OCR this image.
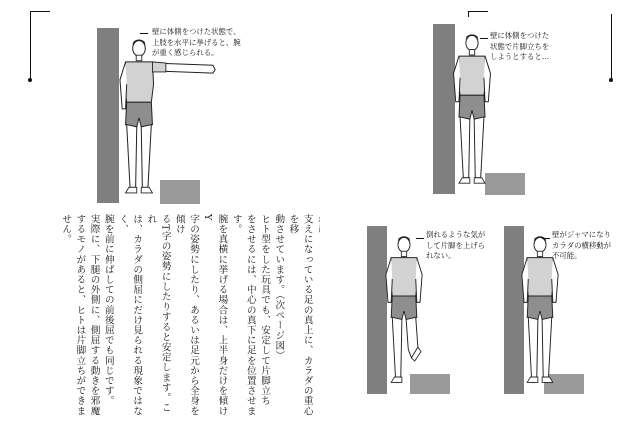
壁に体側をつけた状態で、
上肢を水平に挙げると、腕
が重く感じられる。

支えになっている足の真上に、カラダの重心を移
動させています。（次ページ図）
ヒト型をした玩具でも、安定して片脚立ち
をさせるには、中心の真下に足を位置させます。
腕を真横に挙げる場合は、上半身だけを傾けY
字の姿勢にしたり、あるいは足元から全身を傾け
るT字の姿勢にしたりすると安定します。これ
は、カラダの側屈にだけ見られる現象ではなく、
腕を前に伸ばしての前後屈でも同じです。
実際に、下腿の外側に、側屈する動きを邪魔
するモノがあると、ヒトは片脚立ちができません。
壁に体側をつけた
状態で片脚立ちを
しようとすると…
倒れるような気が
して片脚を上げら
れない。
壁がジャマになり
カラダの横移動が
不可能。
